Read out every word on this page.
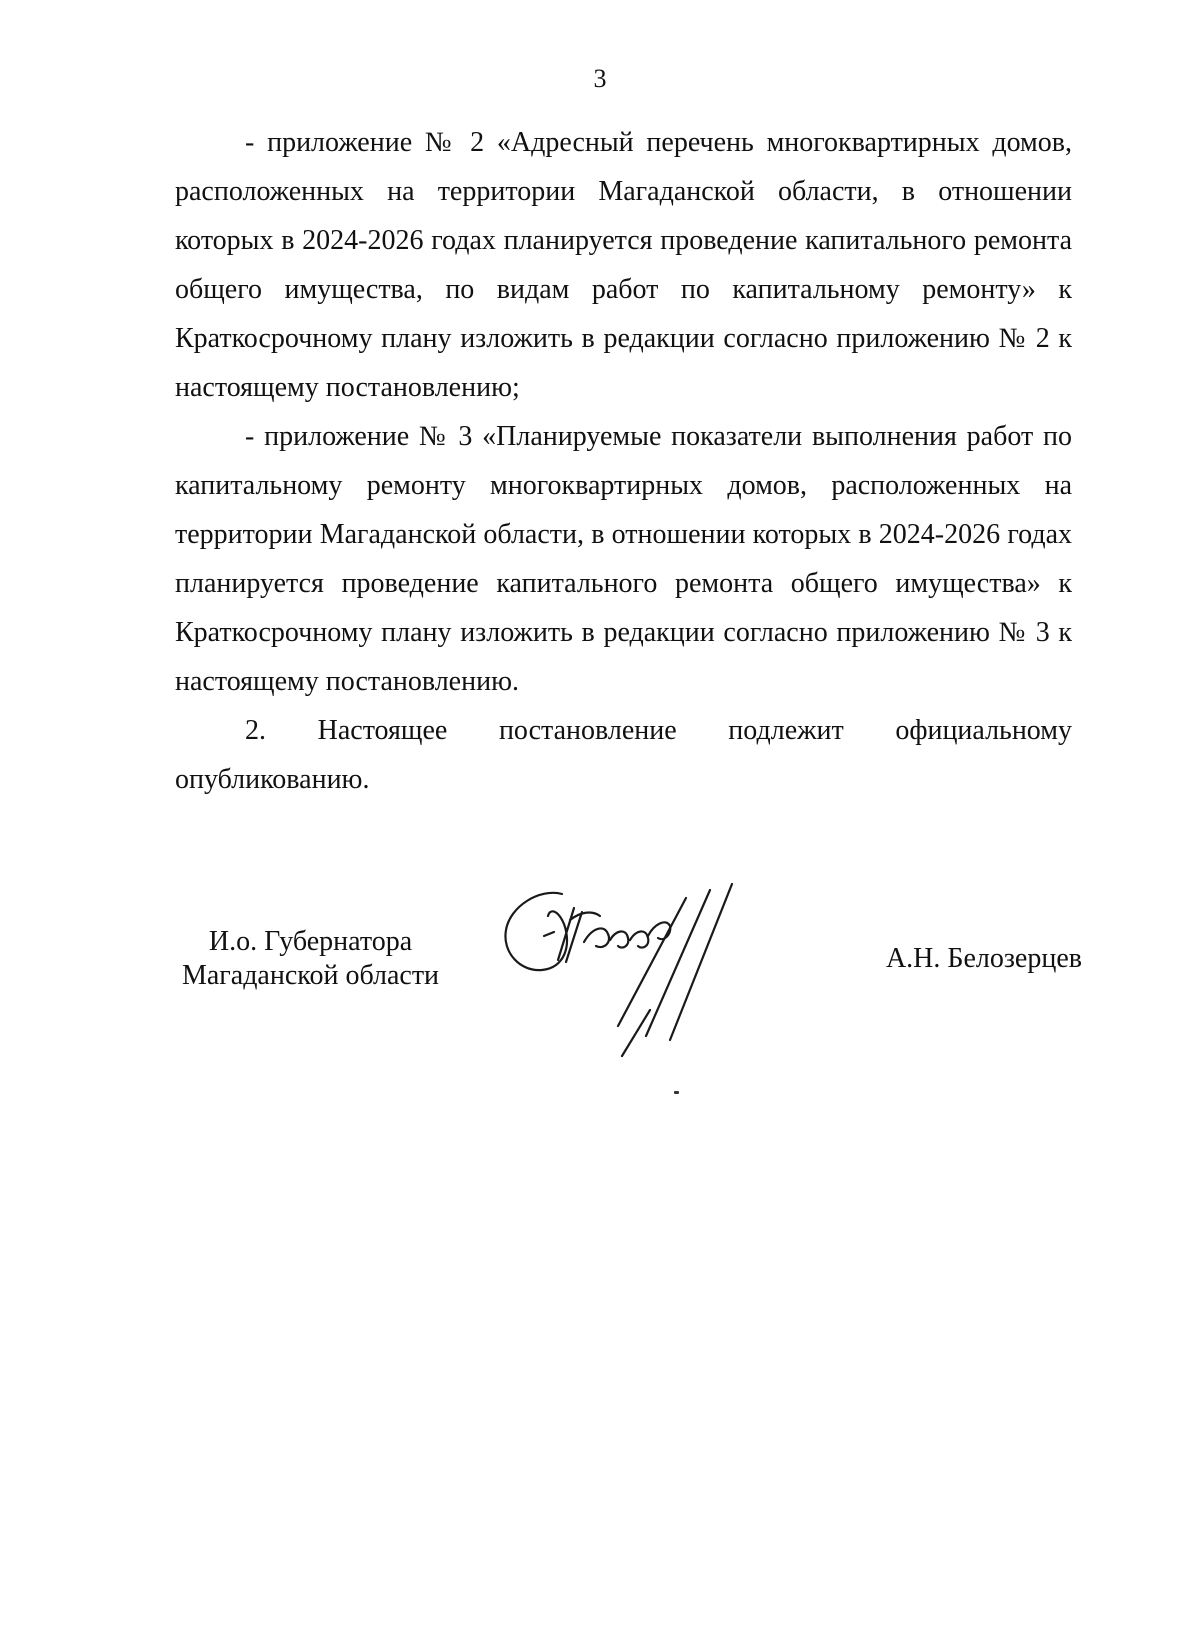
3

- приложение № 2 «Адресный перечень многоквартирных домов, расположенных на территории Магаданской области, в отношении которых в 2024-2026 годах планируется проведение капитального ремонта общего имущества, по видам работ по капитальному ремонту» к Краткосрочному плану изложить в редакции согласно приложению № 2 к настоящему постановлению;

- приложение № 3 «Планируемые показатели выполнения работ по капитальному ремонту многоквартирных домов, расположенных на территории Магаданской области, в отношении которых в 2024-2026 годах планируется проведение капитального ремонта общего имущества» к Краткосрочному плану изложить в редакции согласно приложению № 3 к настоящему постановлению.

2. Настоящее постановление подлежит официальному

опубликованию.

И.о. Губернатора
Магаданской области
А.Н. Белозерцев
